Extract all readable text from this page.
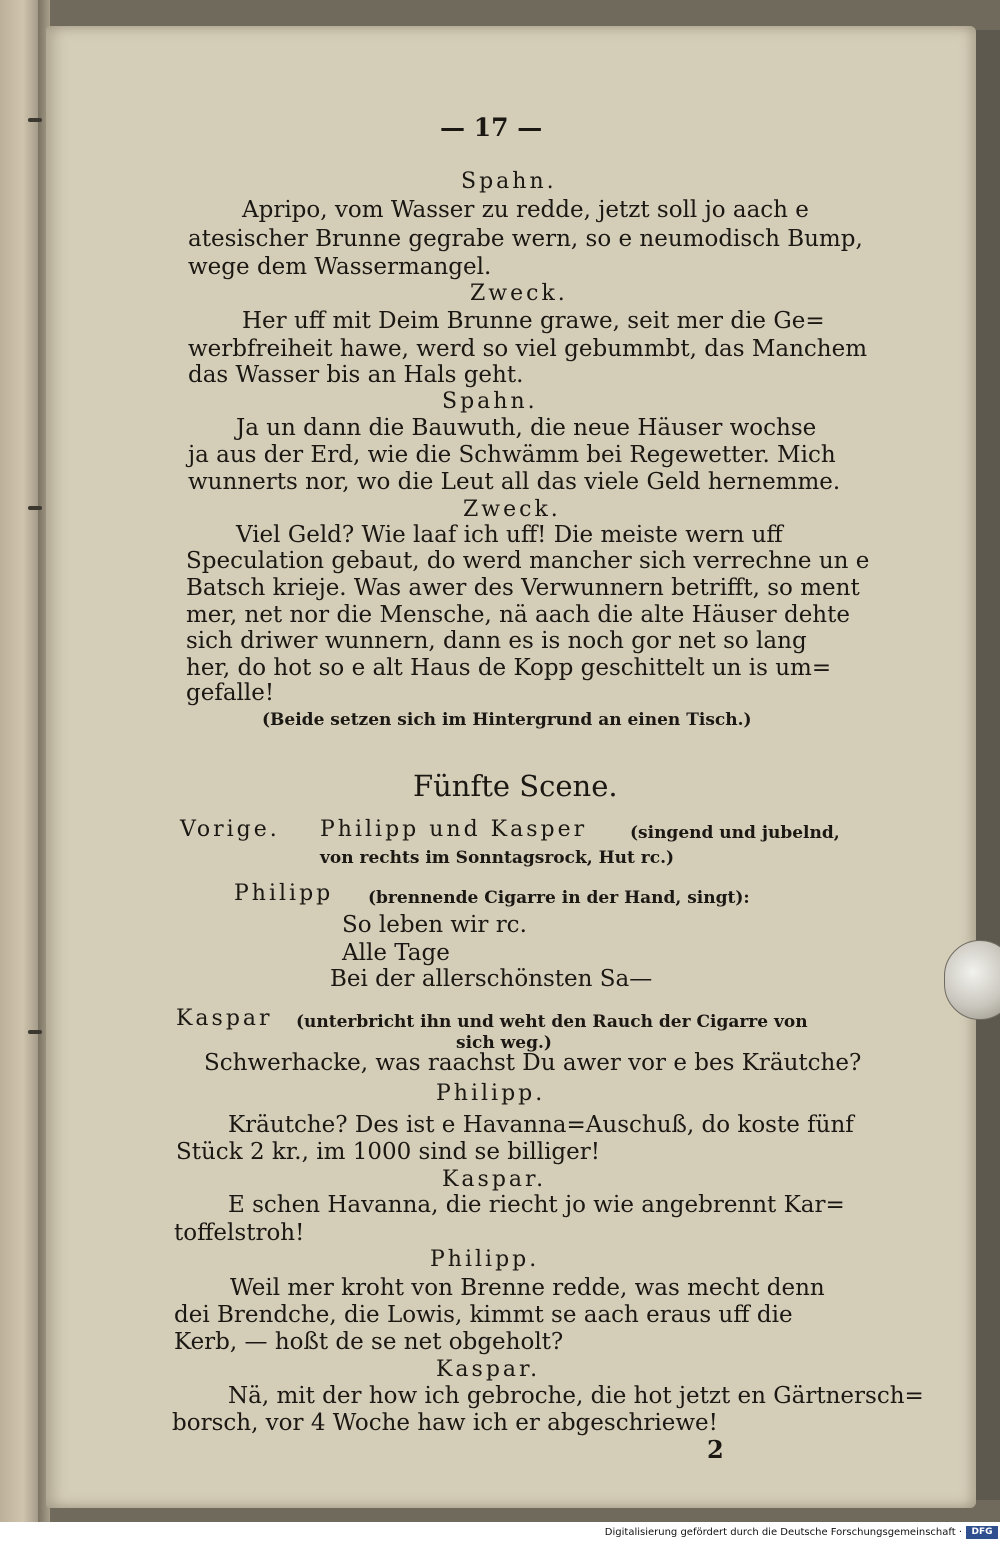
— 17 —
Spahn.
Apripo, vom Wasser zu redde, jetzt soll jo aach e
atesischer Brunne gegrabe wern, so e neumodisch Bump,
wege dem Wassermangel.
Zweck.
Her uff mit Deim Brunne grawe, seit mer die Ge=
werbfreiheit hawe, werd so viel gebummbt, das Manchem
das Wasser bis an Hals geht.
Spahn.
Ja un dann die Bauwuth, die neue Häuser wochse
ja aus der Erd, wie die Schwämm bei Regewetter. Mich
wunnerts nor, wo die Leut all das viele Geld hernemme.
Zweck.
Viel Geld? Wie laaf ich uff! Die meiste wern uff
Speculation gebaut, do werd mancher sich verrechne un e
Batsch krieje. Was awer des Verwunnern betrifft, so ment
mer, net nor die Mensche, nä aach die alte Häuser dehte
sich driwer wunnern, dann es is noch gor net so lang
her, do hot so e alt Haus de Kopp geschittelt un is um=
gefalle!
(Beide setzen sich im Hintergrund an einen Tisch.)
Fünfte Scene.
Vorige. Philipp und Kasper	(singend und jubelnd,
von rechts im Sonntagsrock, Hut rc.)
Philipp (brennende Cigarre in der Hand, singt):
So leben wir rc.
Alle Tage
Bei der allerschönsten Sa—
Kaspar (unterbricht ihn und weht den Rauch der Cigarre von
sich weg.)
Schwerhacke, was raachst Du awer vor e bes Kräutche?
Philipp.
Kräutche? Des ist e Havanna=Auschuß, do koste fünf
Stück 2 kr., im 1000 sind se billiger!
Kaspar.
E schen Havanna, die riecht jo wie angebrennt Kar=
toffelstroh!
Philipp.
Weil mer kroht von Brenne redde, was mecht denn
dei Brendche, die Lowis, kimmt se aach eraus uff die
Kerb, — hoßt de se net obgeholt?
Kaspar.
Nä, mit der how ich gebroche, die hot jetzt en Gärtnersch=
borsch, vor 4 Woche haw ich er abgeschriewe!
2
Digitalisierung gefördert durch die Deutsche Forschungsgemeinschaft ·	DFG
